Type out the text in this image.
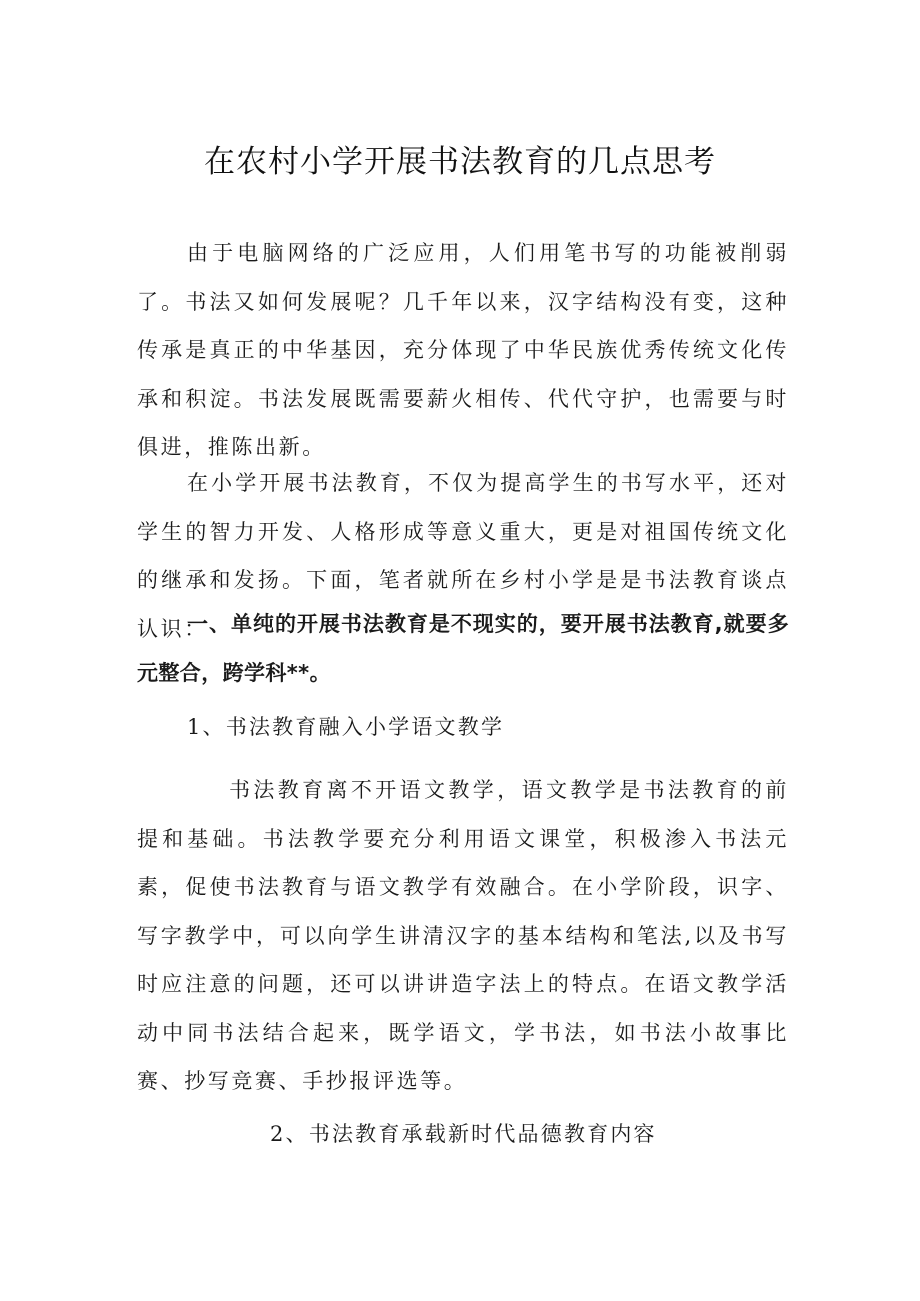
在农村小学开展书法教育的几点思考

由于电脑网络的广泛应用，人们用笔书写的功能被削弱了。书法又如何发展呢？几千年以来，汉字结构没有变，这种传承是真正的中华基因，充分体现了中华民族优秀传统文化传承和积淀。书法发展既需要薪火相传、代代守护，也需要与时俱进，推陈出新。

在小学开展书法教育，不仅为提高学生的书写水平，还对学生的智力开发、人格形成等意义重大，更是对祖国传统文化的继承和发扬。下面，笔者就所在乡村小学是是书法教育谈点认识：

一、单纯的开展书法教育是不现实的，要开展书法教育,就要多元整合，跨学科**。

1、书法教育融入小学语文教学

书法教育离不开语文教学，语文教学是书法教育的前提和基础。书法教学要充分利用语文课堂，积极渗入书法元素，促使书法教育与语文教学有效融合。在小学阶段，识字、写字教学中，可以向学生讲清汉字的基本结构和笔法,以及书写时应注意的问题，还可以讲讲造字法上的特点。在语文教学活动中同书法结合起来，既学语文，学书法，如书法小故事比赛、抄写竞赛、手抄报评选等。

2、书法教育承载新时代品德教育内容
